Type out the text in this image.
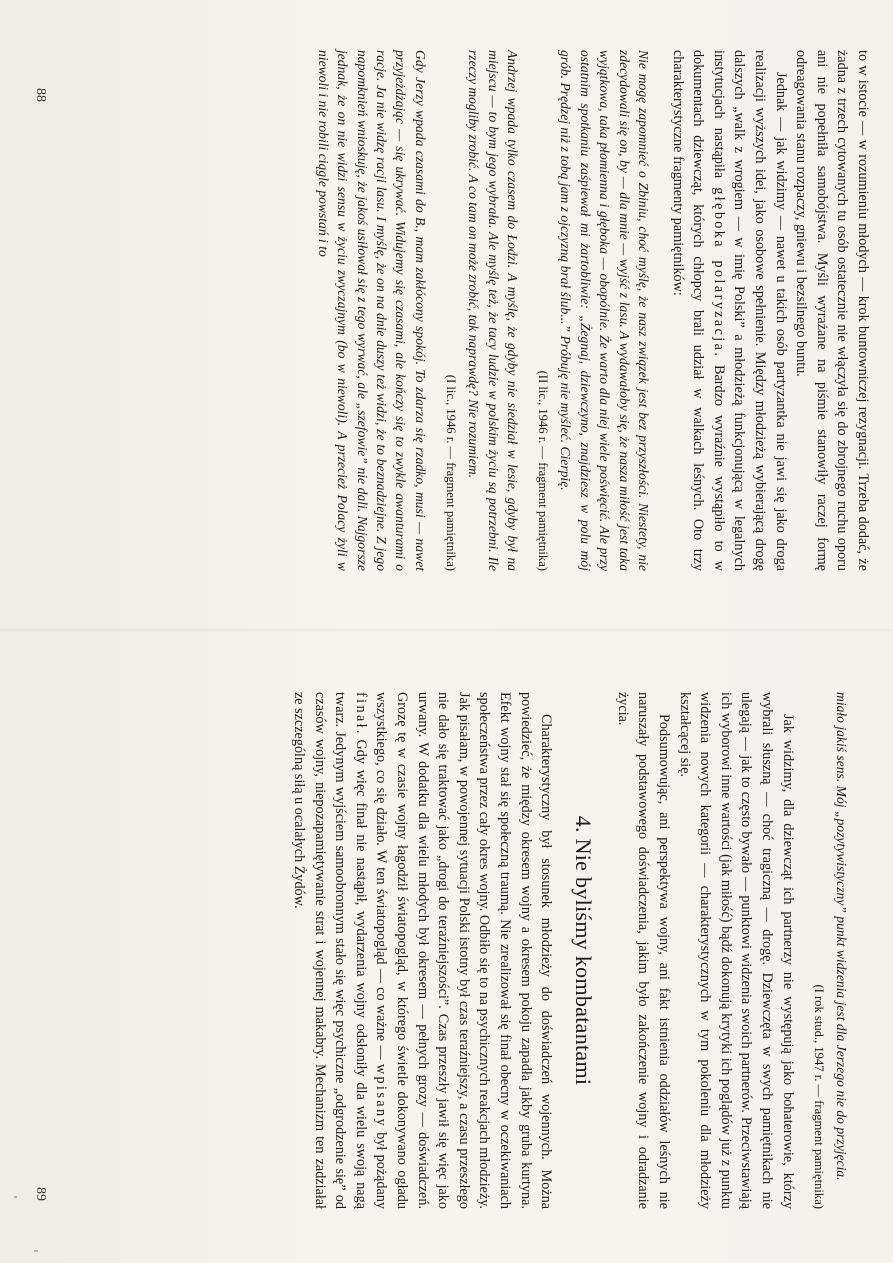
to w istocie — w rozumieniu młodych — krok buntowniczej rezygnacji. Trzeba dodać, że żadna z trzech cytowanych tu osób ostatecznie nie włączyła się do zbrojnego ruchu oporu ani nie popełniła samobójstwa. Myśli wyrażane na piśmie stanowiły raczej formę odreagowania stanu rozpaczy, gniewu i bezsilnego buntu.

Jednak — jak widzimy — nawet u takich osób partyzantka nie jawi się jako droga realizacji wyższych idei, jako osobowe spełnienie. Między młodzieżą wybierającą drogę dalszych „walk z wrogiem — w imię Polski” a młodzieżą funkcjonującą w legalnych instytucjach nastąpiła głęboka polaryzacja. Bardzo wyraźnie wystąpiło to w dokumentach dziewcząt, których chłopcy brali udział w walkach leśnych. Oto trzy charakterystyczne fragmenty pamiętników:

Nie mogę zapomnieć o Zbiniu, choć myślę, że nasz związek jest bez przyszłości. Niestety, nie zdecydowali się on, by — dla mnie — wyjść z lasu. A wydawałoby się, że nasza miłość jest taka wyjątkowa, taka płomienna i głęboka — obopólnie. Że warto dla niej wiele poświęcić. Ale przy ostatnim spotkaniu zaśpiewał mi żartobliwie: „Żegnaj, dziewczyno, znajdziesz w polu mój grób. Prędzej niż z tobą jam z ojczyzną brał ślub...” Próbuję nie myśleć. Cierpię.
(II lic., 1946 r. — fragment pamiętnika)
Andrzej wpada tylko czasem do Łodzi. A myślę, że gdyby nie siedział w lesie, gdyby był na miejscu — to bym jego wybrała. Ale myślę też, że tacy ludzie w polskim życiu są potrzebni. Ile rzeczy mogliby zrobić. A co tam on może zrobić, tak naprawdę? Nie rozumiem.
(I lic., 1946 r. — fragment pamiętnika)
Gdy Jerzy wpada czasami do B., mam zakłócony spokój. To zdarza się rzadko, musi — nawet przyjeżdżając — się ukrywać. Widujemy się czasami, ale kończy się to zwykle awanturami o racje. Ja nie widzę racji lasu. I myślę, że on na dnie duszy też widzi, że to beznadziejne. Z jego napomknień wnioskuję, że jakoś usiłował się z tego wyrwać, ale „szefowie” nie dali. Najgorsze jednak, że on nie widzi sensu w życiu zwyczajnym (bo w niewoli). A przecież Polacy żyli w niewoli i nie robili ciągle powstań i to
88
miało jakiś sens. Mój „pozytywistyczny” punkt widzenia jest dla Jerzego nie do przyjęcia.
(I rok stud., 1947 r. — fragment pamiętnika)

Jak widzimy, dla dziewcząt ich partnerzy nie występują jako bohaterowie, którzy wybrali słuszną — choć tragiczną — drogę. Dziewczęta w swych pamiętnikach nie ulegają — jak to często bywało — punktowi widzenia swoich partnerów. Przeciwstawiają ich wyborowi inne wartości (jak miłość) bądź dokonują krytyki ich poglądów już z punktu widzenia nowych kategorii — charakterystycznych w tym pokoleniu dla młodzieży kształcącej się.

Podsumowując, ani perspektywa wojny, ani fakt istnienia oddziałów leśnych nie naruszały podstawowego doświadczenia, jakim było zakończenie wojny i odradzanie życia.

4. Nie byliśmy kombatantami

Charakterystyczny był stosunek młodzieży do doświadczeń wojennych. Można powiedzieć, że między okresem wojny a okresem pokoju zapadła jakby gruba kurtyna. Efekt wojny stał się społeczną traumą. Nie zrealizował się finał obecny w oczekiwaniach społeczeństwa przez cały okres wojny. Odbiło się to na psychicznych reakcjach młodzieży. Jak pisałam, w powojennej sytuacji Polski istotny był czas teraźniejszy, a czasu przeszłego nie dało się traktować jako „drogi do teraźniejszości”. Czas przeszły jawił się więc jako urwany. W dodatku dla wielu młodych był okresem — pełnych grozy — doświadczeń. Grozę tę w czasie wojny łagodził światopogląd, w którego świetle dokonywano ogładu wszystkiego, co się działo. W ten światopogląd — co ważne — wpisany był pożądany finał. Gdy więc finał nie nastąpił, wydarzenia wojny odsłoniły dla wielu swoją nagą twarz. Jedynym wyjściem samoobronnym stało się więc psychiczne „odgrodzenie się” od czasów wojny, niepozapamiętywanie strat i wojennej makabry. Mechanizm ten zadziałał ze szczególną siłą u ocalałych Żydów.

89
